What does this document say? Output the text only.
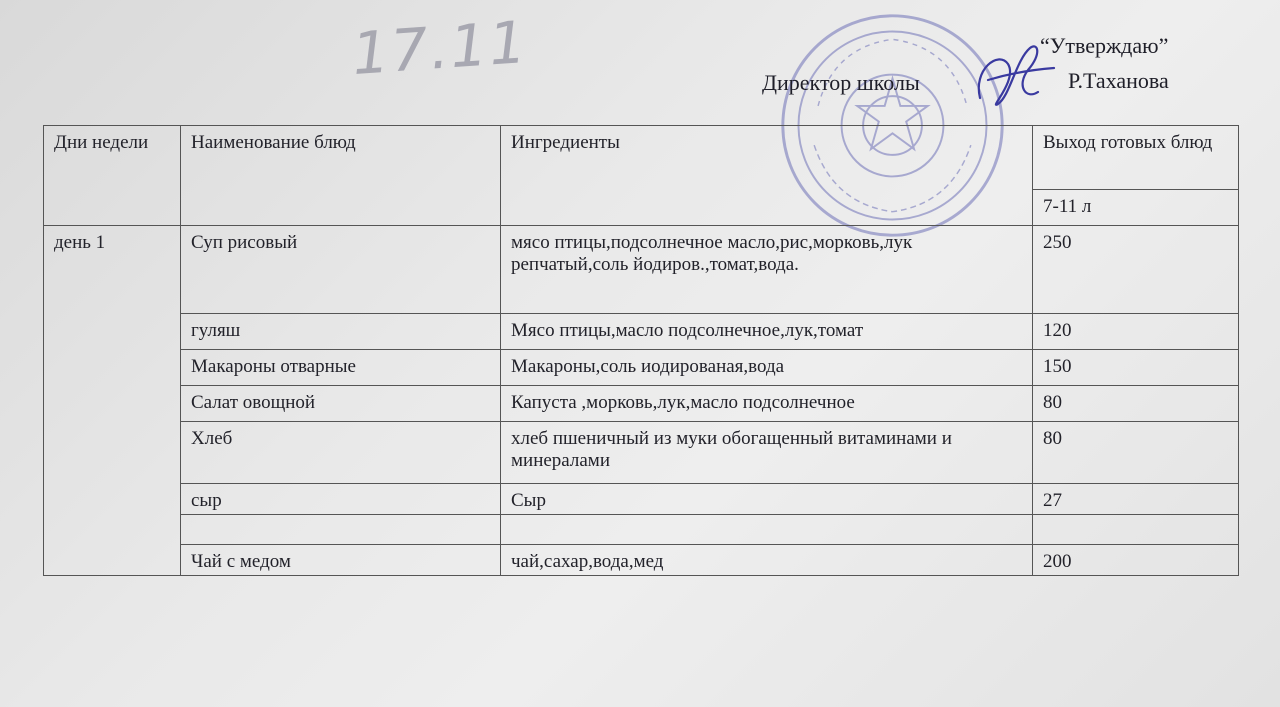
17.11	“Утверждаю”
Директор школы	Р.Таханова
Дни недели	Наименование блюд	Ингредиенты	Выход готовых блюд
			7-11 л
день 1	Суп рисовый	мясо птицы,подсолнечное масло,рис,морковь,лук репчатый,соль йодиров.,томат,вода.	250
	гуляш	Мясо птицы,масло подсолнечное,лук,томат	120
	Макароны отварные	Макароны,соль иодированая,вода	150
	Салат овощной	Капуста ,морковь,лук,масло подсолнечное	80
	Хлеб	хлеб пшеничный из муки обогащенный витаминами и минералами	80
	сыр	Сыр	27

	Чай с медом	чай,сахар,вода,мед	200
